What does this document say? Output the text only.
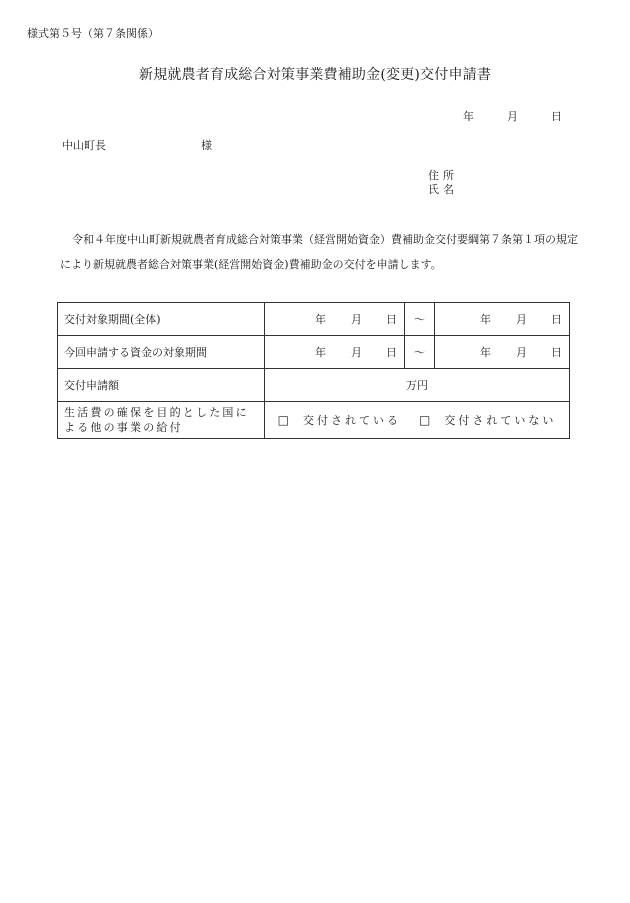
様式第５号（第７条関係）
新規就農者育成総合対策事業費補助金(変更)交付申請書
年	月	日
中山町長	様
住所
氏名
令和４年度中山町新規就農者育成総合対策事業（経営開始資金）費補助金交付要綱第７条第１項の規定
により新規就農者総合対策事業(経営開始資金)費補助金の交付を申請します。
交付対象期間(全体)	年 月 日	～	年 月 日

今回申請する資金の対象期間	年 月 日	～	年 月 日

交付申請額	万円		

生活費の確保を目的とした国に
よる他の事業の給付	□ 交付されている □ 交付されていない		
